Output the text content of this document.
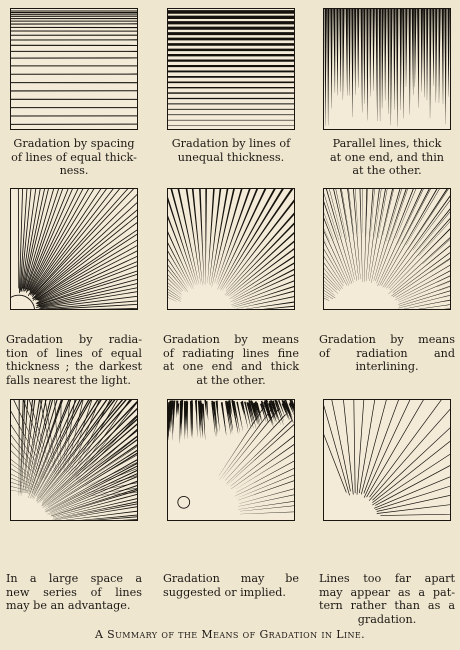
Gradation by spacing
of lines of equal thick-
ness.
Gradation by lines of
unequal thickness.
Parallel lines, thick
at one end, and thin
at the other.
Gradation by radia-
tion of lines of equal
thickness ; the darkest
falls nearest the light.
Gradation by means
of radiating lines fine
at one end and thick
at the other.
Gradation by means
of radiation and
interlining.
In a large space a
new series of lines
may be an advantage.
Gradation may be
suggested or implied.
Lines too far apart
may appear as a pat-
tern rather than as a
gradation.
A Summary of the Means of Gradation in Line.
